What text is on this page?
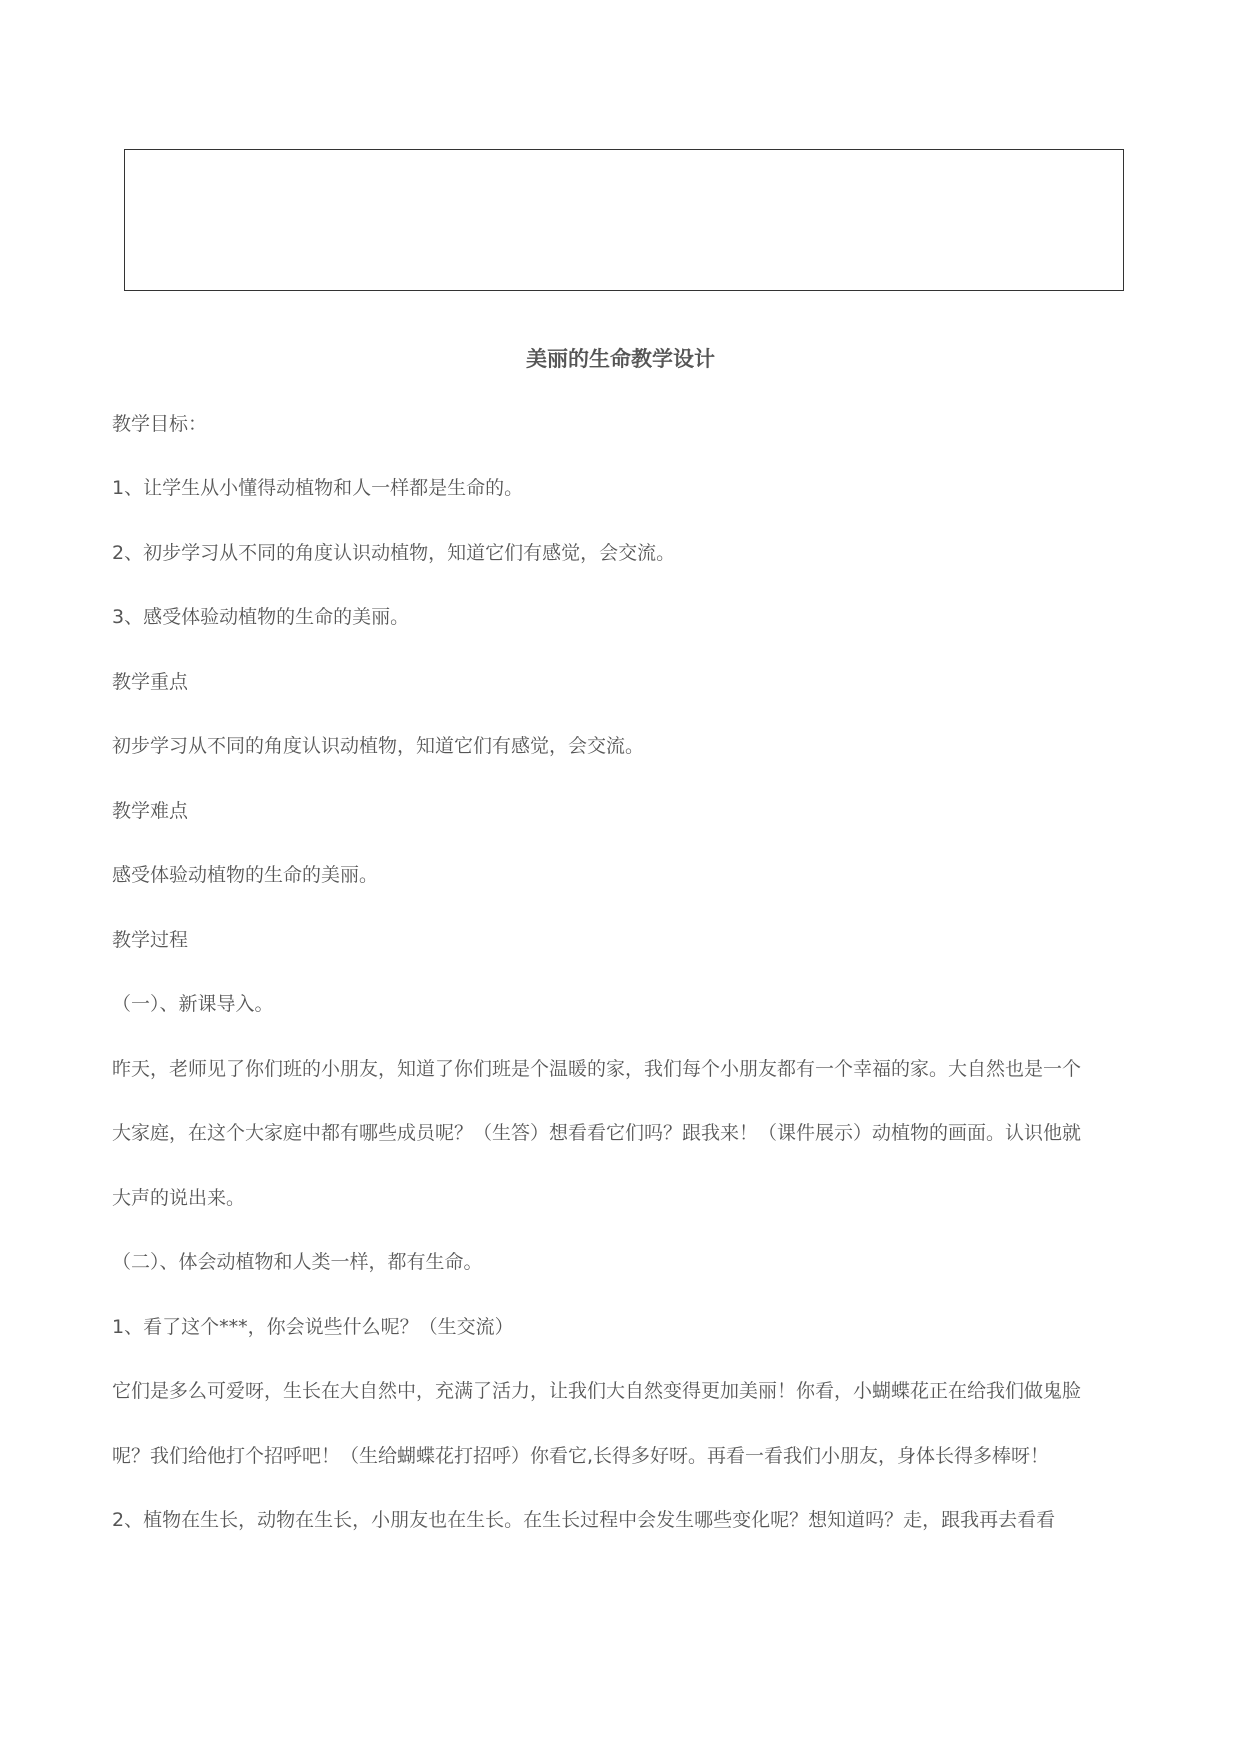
美丽的生命教学设计

教学目标：

1、让学生从小懂得动植物和人一样都是生命的。

2、初步学习从不同的角度认识动植物，知道它们有感觉，会交流。

3、感受体验动植物的生命的美丽。

教学重点

初步学习从不同的角度认识动植物，知道它们有感觉，会交流。

教学难点

感受体验动植物的生命的美丽。

教学过程

（一）、新课导入。

昨天，老师见了你们班的小朋友，知道了你们班是个温暖的家，我们每个小朋友都有一个幸福的家。大自然也是一个

大家庭，在这个大家庭中都有哪些成员呢？（生答）想看看它们吗？跟我来！（课件展示）动植物的画面。认识他就

大声的说出来。

（二）、体会动植物和人类一样，都有生命。

1、看了这个***，你会说些什么呢？（生交流）

它们是多么可爱呀，生长在大自然中，充满了活力，让我们大自然变得更加美丽！你看，小蝴蝶花正在给我们做鬼脸

呢？我们给他打个招呼吧！（生给蝴蝶花打招呼）你看它,长得多好呀。再看一看我们小朋友，身体长得多棒呀！

2、植物在生长，动物在生长，小朋友也在生长。在生长过程中会发生哪些变化呢？想知道吗？走，跟我再去看看
